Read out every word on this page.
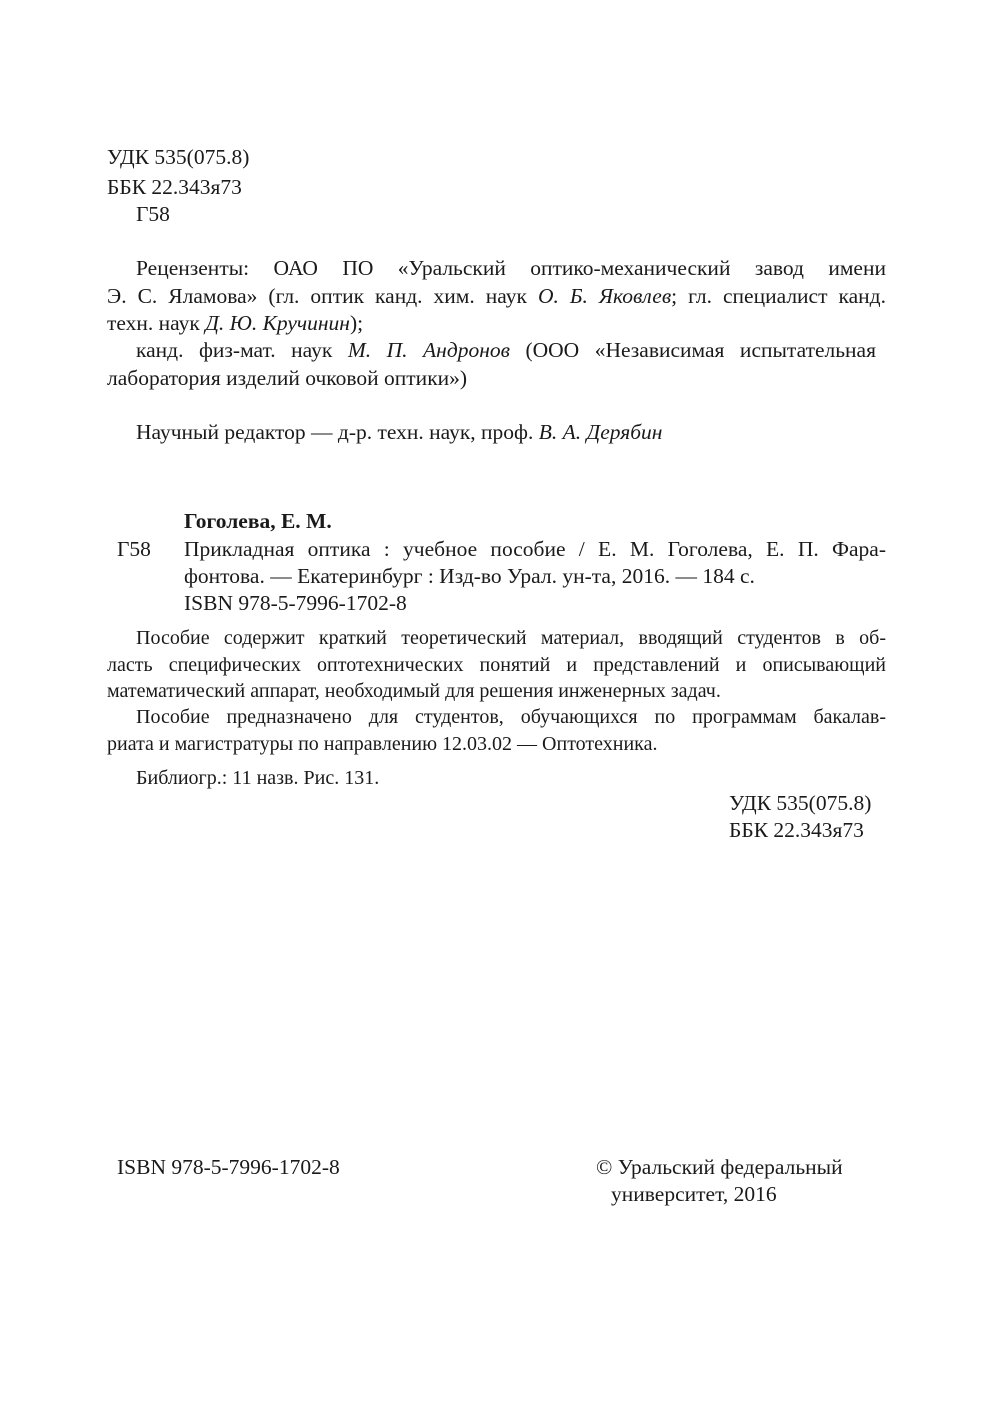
УДК 535(075.8)
ББК 22.343я73
Г58
Рецензенты: ОАО ПО «Уральский оптико-механический завод имени
Э. С. Яламова» (гл. оптик канд. хим. наук О. Б. Яковлев; гл. специалист канд.
техн. наук Д. Ю. Кручинин);
канд. физ-мат. наук М. П. Андронов (ООО «Независимая испытательная
лаборатория изделий очковой оптики»)
Научный редактор — д-р. техн. наук, проф. В. А. Дерябин
Гоголева, Е. М.
Г58 Прикладная оптика : учебное пособие / Е. М. Гоголева, Е. П. Фара-
фонтова. — Екатеринбург : Изд-во Урал. ун-та, 2016. — 184 с.
ISBN 978-5-7996-1702-8
Пособие содержит краткий теоретический материал, вводящий студентов в об-
ласть специфических оптотехнических понятий и представлений и описывающий
математический аппарат, необходимый для решения инженерных задач.
Пособие предназначено для студентов, обучающихся по программам бакалав-
риата и магистратуры по направлению 12.03.02 — Оптотехника.
Библиогр.: 11 назв. Рис. 131.
УДК 535(075.8)
ББК 22.343я73
ISBN 978-5-7996-1702-8	© Уральский федеральный
университет, 2016
